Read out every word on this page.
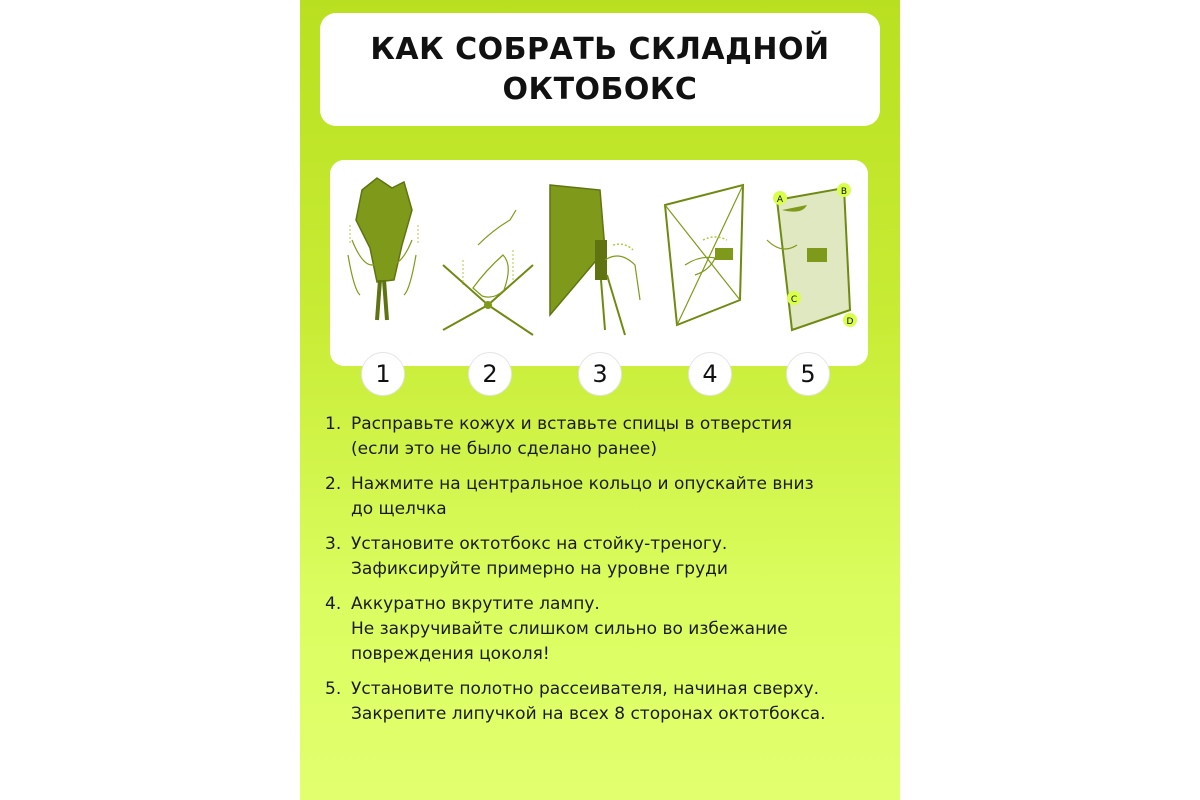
КАК СОБРАТЬ СКЛАДНОЙ
ОКТОБОКС
A
B
C
D
1	2	3	4	5
1. Расправьте кожух и вставьте спицы в отверстия
(если это не было сделано ранее)
2. Нажмите на центральное кольцо и опускайте вниз
до щелчка
3. Установите октотбокс на стойку-треногу.
Зафиксируйте примерно на уровне груди
4. Аккуратно вкрутите лампу.
Не закручивайте слишком сильно во избежание
повреждения цоколя!
5. Установите полотно рассеивателя, начиная сверху.
Закрепите липучкой на всех 8 сторонах октотбокса.
